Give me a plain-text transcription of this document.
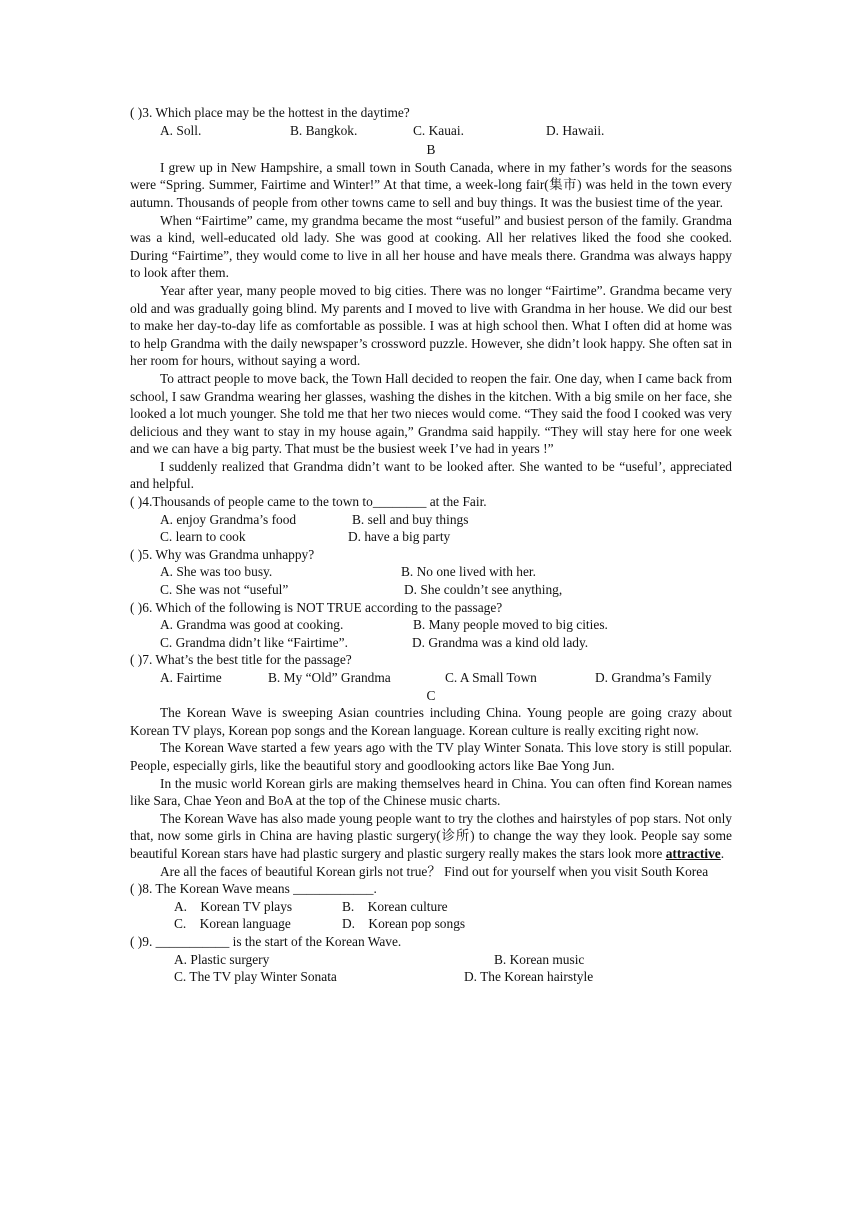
( )3. Which place may be the hottest in the daytime?
A. Soll.	B. Bangkok.	C. Kauai.	D. Hawaii.
B
I grew up in New Hampshire, a small town in South Canada, where in my father’s words for the seasons were “Spring. Summer, Fairtime and Winter!” At that time, a week-long fair(集市) was held in the town every autumn. Thousands of people from other towns came to sell and buy things. It was the busiest time of the year.
When “Fairtime” came, my grandma became the most “useful” and busiest person of the family. Grandma was a kind, well-educated old lady. She was good at cooking. All her relatives liked the food she cooked. During “Fairtime”, they would come to live in all her house and have meals there. Grandma was always happy to look after them.
Year after year, many people moved to big cities. There was no longer “Fairtime”. Grandma became very old and was gradually going blind. My parents and I moved to live with Grandma in her house. We did our best to make her day-to-day life as comfortable as possible. I was at high school then. What I often did at home was to help Grandma with the daily newspaper’s crossword puzzle. However, she didn’t look happy. She often sat in her room for hours, without saying a word.
To attract people to move back, the Town Hall decided to reopen the fair. One day, when I came back from school, I saw Grandma wearing her glasses, washing the dishes in the kitchen. With a big smile on her face, she looked a lot much younger. She told me that her two nieces would come. “They said the food I cooked was very delicious and they want to stay in my house again,” Grandma said happily. “They will stay here for one week and we can have a big party. That must be the busiest week I’ve had in years !”
I suddenly realized that Grandma didn’t want to be looked after. She wanted to be “useful’, appreciated and helpful.
( )4.Thousands of people came to the town to________ at the Fair.
A. enjoy Grandma’s food	B. sell and buy things
C. learn to cook	D. have a big party
( )5. Why was Grandma unhappy?
A. She was too busy.	B. No one lived with her.
C. She was not “useful”	D. She couldn’t see anything,
( )6. Which of the following is NOT TRUE according to the passage?
A. Grandma was good at cooking.	B. Many people moved to big cities.
C. Grandma didn’t like “Fairtime”.	D. Grandma was a kind old lady.
( )7. What’s the best title for the passage?
A. Fairtime	B. My “Old” Grandma	C. A Small Town	D. Grandma’s Family
C
The Korean Wave is sweeping Asian countries including China. Young people are going crazy about Korean TV plays, Korean pop songs and the Korean language. Korean culture is really exciting right now.
The Korean Wave started a few years ago with the TV play Winter Sonata. This love story is still popular. People, especially girls, like the beautiful story and goodlooking actors like Bae Yong Jun.
In the music world Korean girls are making themselves heard in China. You can often find Korean names like Sara, Chae Yeon and BoA at the top of the Chinese music charts.
The Korean Wave has also made young people want to try the clothes and hairstyles of pop stars. Not only that, now some girls in China are having plastic surgery(诊所) to change the way they look. People say some beautiful Korean stars have had plastic surgery and plastic surgery really makes the stars look more attractive.
Are all the faces of beautiful Korean girls not true？ Find out for yourself when you visit South Korea
( )8. The Korean Wave means ____________.
A.    Korean TV plays	B.    Korean culture
C.    Korean language	D.    Korean pop songs
( )9. ___________ is the start of the Korean Wave.
A. Plastic surgery	B. Korean music
C. The TV play Winter Sonata	D. The Korean hairstyle
